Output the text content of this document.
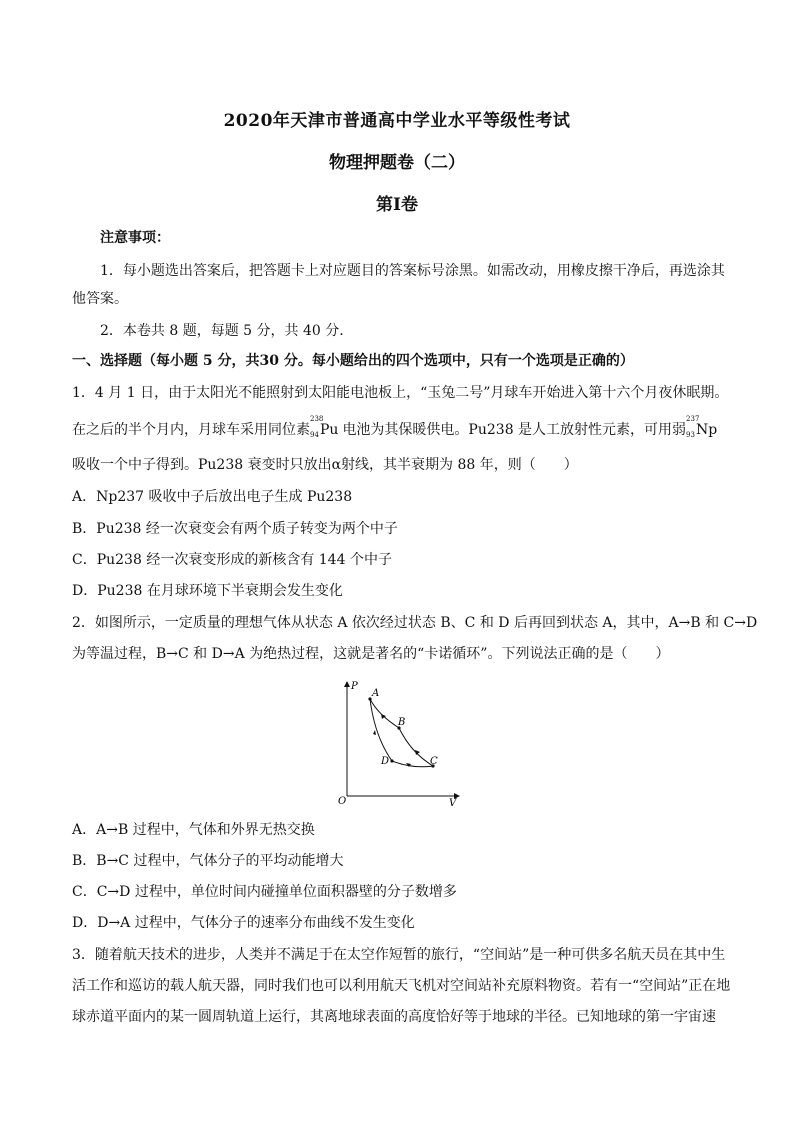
2020年天津市普通高中学业水平等级性考试
物理押题卷（二）
第Ⅰ卷
注意事项：
1．每小题选出答案后，把答题卡上对应题目的答案标号涂黑。如需改动，用橡皮擦干净后，再选涂其
他答案。
2．本卷共 8 题，每题 5 分，共 40 分.
一、选择题（每小题 5 分，共30 分。每小题给出的四个选项中，只有一个选项是正确的）
1．4 月 1 日，由于太阳光不能照射到太阳能电池板上，“玉兔二号”月球车开始进入第十六个月夜休眠期。
在之后的半个月内，月球车采用同位素
238
94 Pu 电池为其保暖供电。Pu238 是人工放射性元素，可用弱
237
93 Np
吸收一个中子得到。Pu238 衰变时只放出α射线，其半衰期为 88 年，则（　　）
A．Np237 吸收中子后放出电子生成 Pu238
B．Pu238 经一次衰变会有两个质子转变为两个中子
C．Pu238 经一次衰变形成的新核含有 144 个中子
D．Pu238 在月球环境下半衰期会发生变化
2．如图所示，一定质量的理想气体从状态 A 依次经过状态 B、C 和 D 后再回到状态 A，其中，A→B 和 C→D
为等温过程，B→C 和 D→A 为绝热过程，这就是著名的“卡诺循环”。下列说法正确的是（　　）
P
V
O
A
B
C
D
A．A→B 过程中，气体和外界无热交换
B．B→C 过程中，气体分子的平均动能增大
C．C→D 过程中，单位时间内碰撞单位面积器壁的分子数增多
D．D→A 过程中，气体分子的速率分布曲线不发生变化
3．随着航天技术的进步，人类并不满足于在太空作短暂的旅行，“空间站”是一种可供多名航天员在其中生
活工作和巡访的载人航天器，同时我们也可以利用航天飞机对空间站补充原料物资。若有一“空间站”正在地
球赤道平面内的某一圆周轨道上运行，其离地球表面的高度恰好等于地球的半径。已知地球的第一宇宙速
